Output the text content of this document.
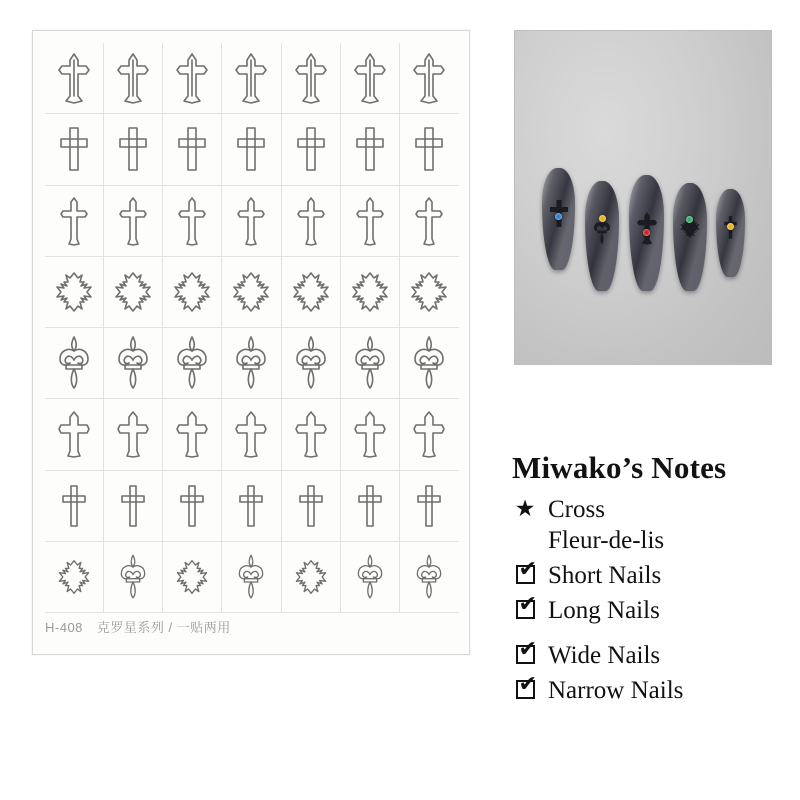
H-408 克罗星系列 / 一贴两用
Miwako’s Notes
★ Cross
Fleur-de-lis
✔ Short Nails
✔ Long Nails
✔ Wide Nails
✔ Narrow Nails
